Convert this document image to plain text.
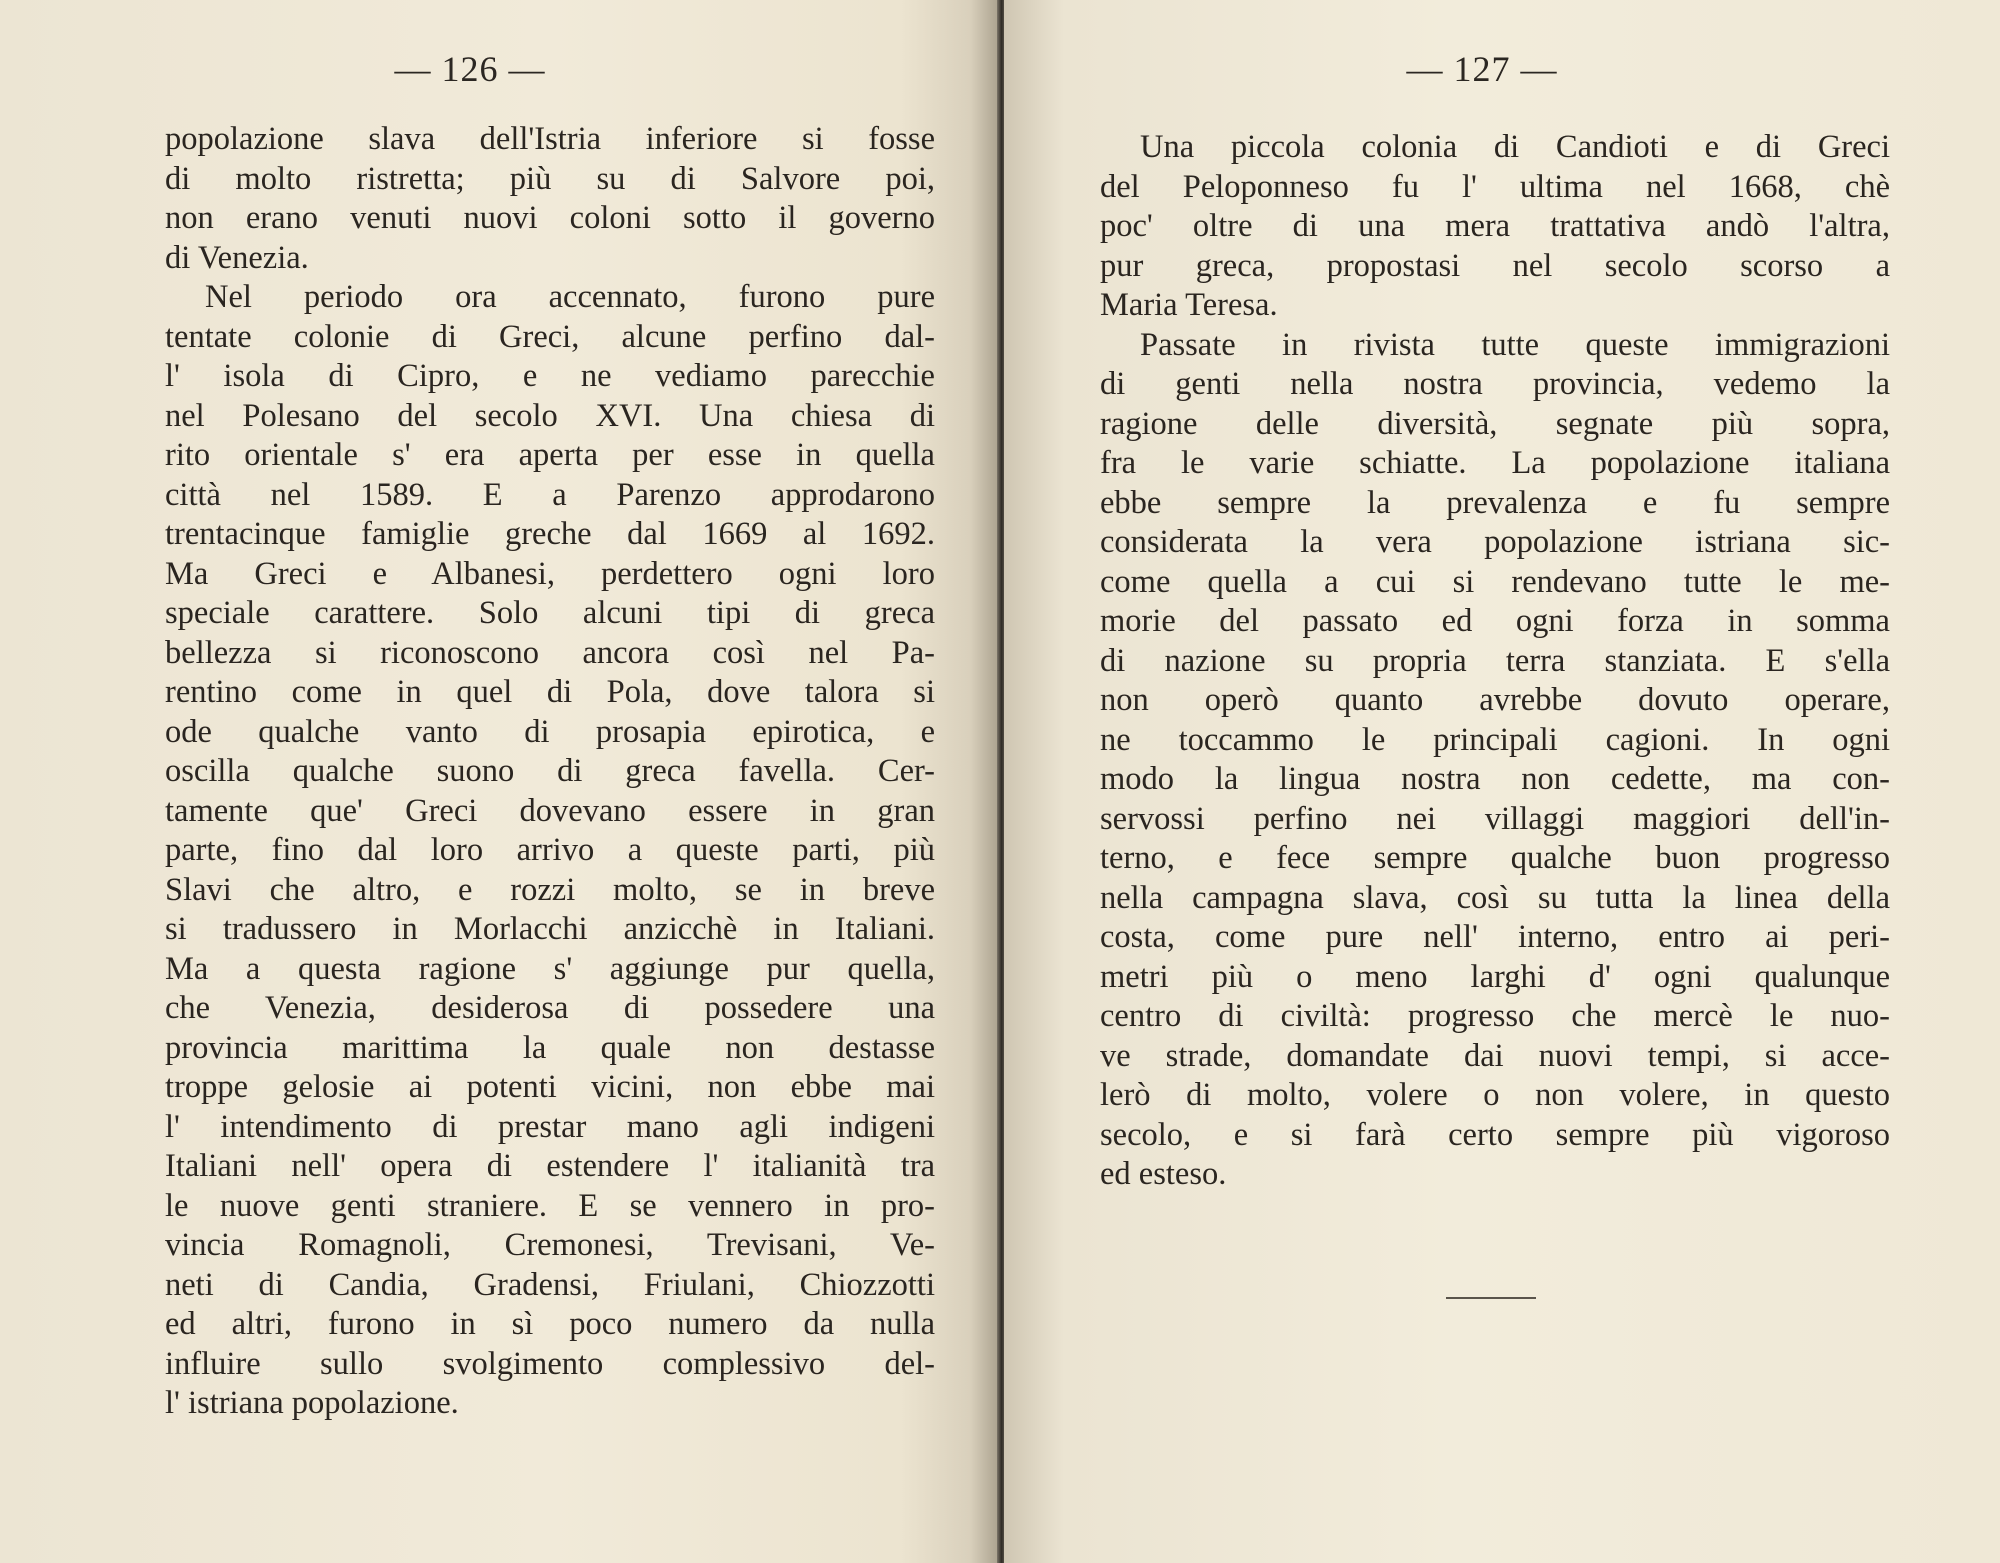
— 126 —
popolazione slava dell'Istria inferiore si fosse
di molto ristretta; più su di Salvore poi,
non erano venuti nuovi coloni sotto il governo
di Venezia.
Nel periodo ora accennato, furono pure
tentate colonie di Greci, alcune perfino dal-
l' isola di Cipro, e ne vediamo parecchie
nel Polesano del secolo XVI. Una chiesa di
rito orientale s' era aperta per esse in quella
città nel 1589. E a Parenzo approdarono
trentacinque famiglie greche dal 1669 al 1692.
Ma Greci e Albanesi, perdettero ogni loro
speciale carattere. Solo alcuni tipi di greca
bellezza si riconoscono ancora così nel Pa-
rentino come in quel di Pola, dove talora si
ode qualche vanto di prosapia epirotica, e
oscilla qualche suono di greca favella. Cer-
tamente que' Greci dovevano essere in gran
parte, fino dal loro arrivo a queste parti, più
Slavi che altro, e rozzi molto, se in breve
si tradussero in Morlacchi anzicchè in Italiani.
Ma a questa ragione s' aggiunge pur quella,
che Venezia, desiderosa di possedere una
provincia marittima la quale non destasse
troppe gelosie ai potenti vicini, non ebbe mai
l' intendimento di prestar mano agli indigeni
Italiani nell' opera di estendere l' italianità tra
le nuove genti straniere. E se vennero in pro-
vincia Romagnoli, Cremonesi, Trevisani, Ve-
neti di Candia, Gradensi, Friulani, Chiozzotti
ed altri, furono in sì poco numero da nulla
influire sullo svolgimento complessivo del-
l' istriana popolazione.
— 127 —
Una piccola colonia di Candioti e di Greci
del Peloponneso fu l' ultima nel 1668, chè
poc' oltre di una mera trattativa andò l'altra,
pur greca, propostasi nel secolo scorso a
Maria Teresa.
Passate in rivista tutte queste immigrazioni
di genti nella nostra provincia, vedemo la
ragione delle diversità, segnate più sopra,
fra le varie schiatte. La popolazione italiana
ebbe sempre la prevalenza e fu sempre
considerata la vera popolazione istriana sic-
come quella a cui si rendevano tutte le me-
morie del passato ed ogni forza in somma
di nazione su propria terra stanziata. E s'ella
non operò quanto avrebbe dovuto operare,
ne toccammo le principali cagioni. In ogni
modo la lingua nostra non cedette, ma con-
servossi perfino nei villaggi maggiori dell'in-
terno, e fece sempre qualche buon progresso
nella campagna slava, così su tutta la linea della
costa, come pure nell' interno, entro ai peri-
metri più o meno larghi d' ogni qualunque
centro di civiltà: progresso che mercè le nuo-
ve strade, domandate dai nuovi tempi, si acce-
lerò di molto, volere o non volere, in questo
secolo, e si farà certo sempre più vigoroso
ed esteso.
